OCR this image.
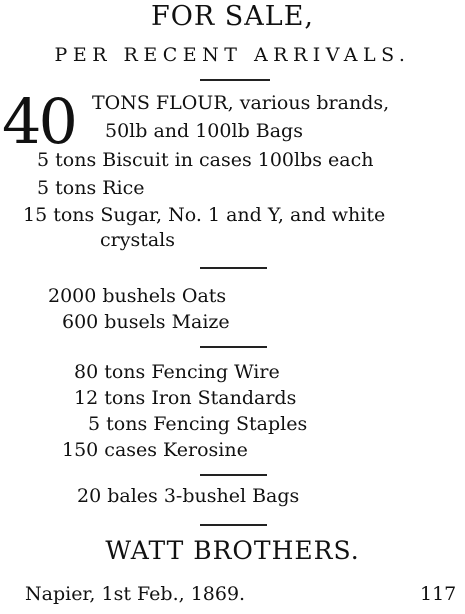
FOR SALE,
PER RECENT ARRIVALS.
40 TONS FLOUR, various brands,
50lb and 100lb Bags
5 tons Biscuit in cases 100lbs each
5 tons Rice
15 tons Sugar, No. 1 and Y, and white
crystals
2000 bushels Oats
600 busels Maize
80 tons Fencing Wire
12 tons Iron Standards
5 tons Fencing Staples
150 cases Kerosine
20 bales 3-bushel Bags
WATT BROTHERS.
Napier, 1st Feb., 1869.	117
